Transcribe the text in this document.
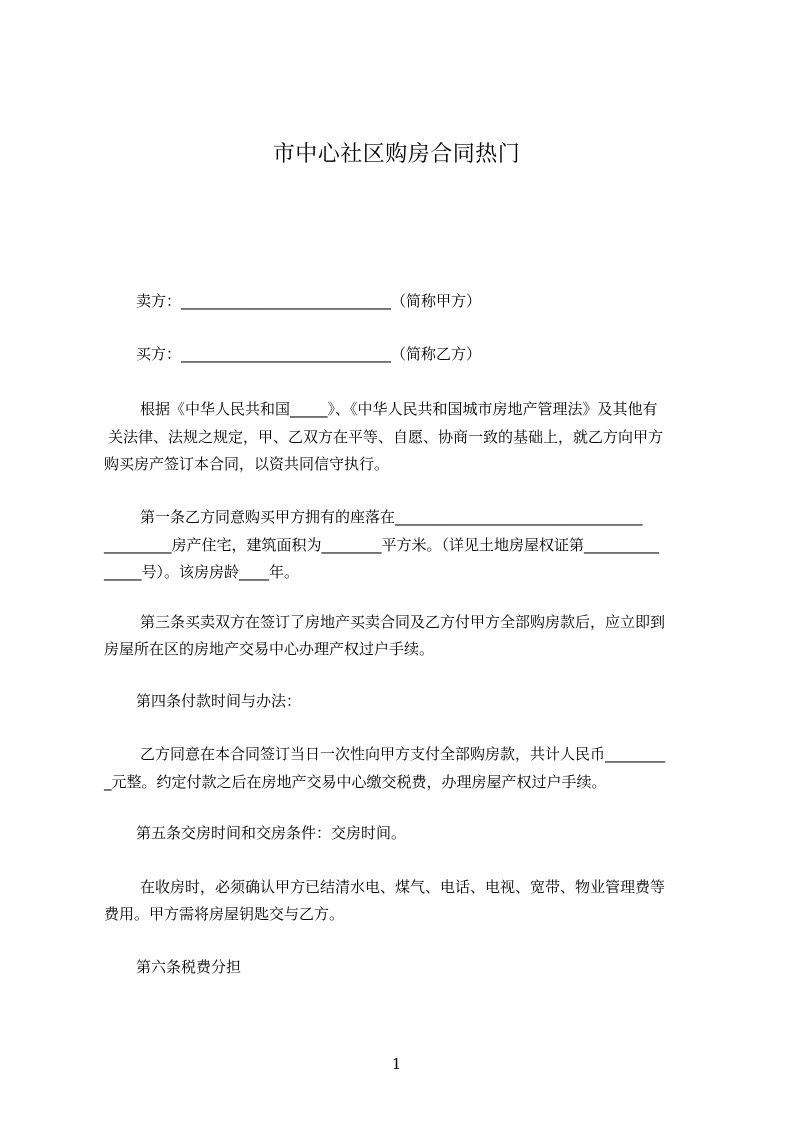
市中心社区购房合同热门
卖方：____________________________（简称甲方）
买方：____________________________（简称乙方）
根据《中华人民共和国_____》、《中华人民共和国城市房地产管理法》及其他有
关法律、法规之规定，甲、乙双方在平等、自愿、协商一致的基础上，就乙方向甲方
购买房产签订本合同，以资共同信守执行。
第一条乙方同意购买甲方拥有的座落在_________________________________
_________房产住宅，建筑面积为________平方米。（详见土地房屋权证第__________
_____号）。该房房龄____年。
第三条买卖双方在签订了房地产买卖合同及乙方付甲方全部购房款后，应立即到
房屋所在区的房地产交易中心办理产权过户手续。
第四条付款时间与办法：
乙方同意在本合同签订当日一次性向甲方支付全部购房款，共计人民币________
_元整。约定付款之后在房地产交易中心缴交税费，办理房屋产权过户手续。
第五条交房时间和交房条件：交房时间。
在收房时，必须确认甲方已结清水电、煤气、电话、电视、宽带、物业管理费等
费用。甲方需将房屋钥匙交与乙方。
第六条税费分担
1
